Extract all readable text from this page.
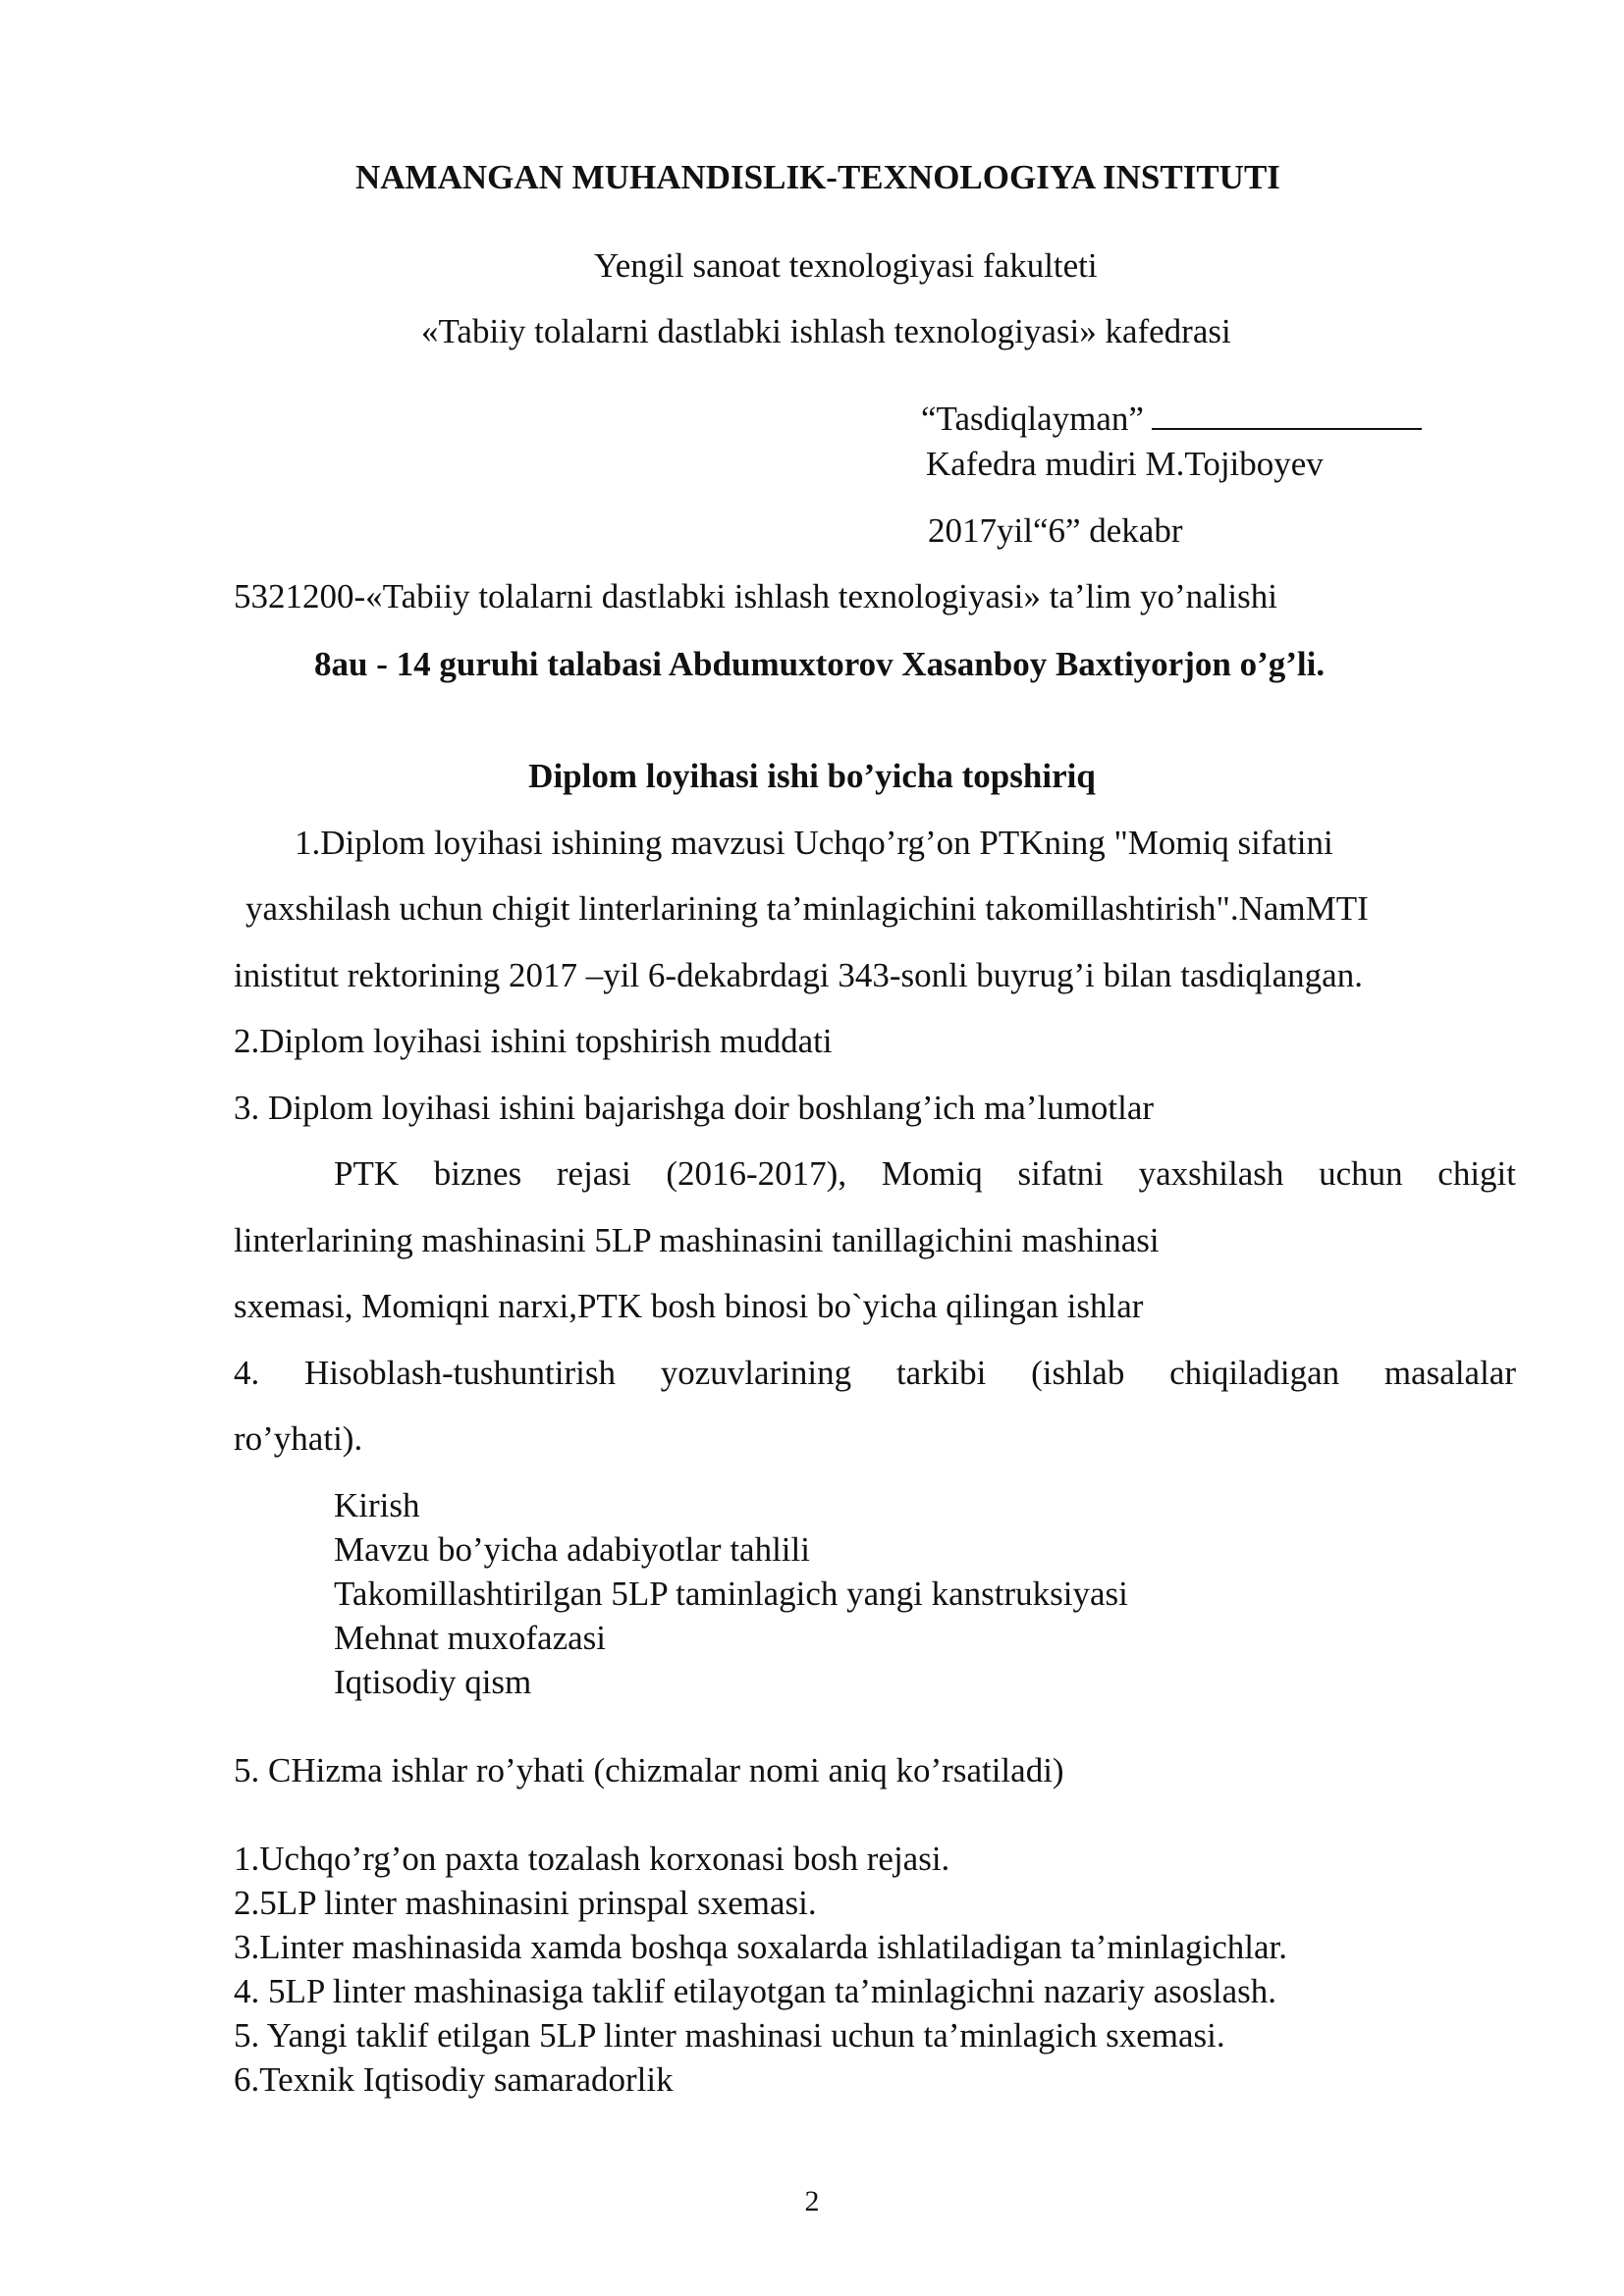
NAMANGAN MUHANDISLIK-TEXNOLOGIYA INSTITUTI
Yengil sanoat texnologiyasi fakulteti
«Tabiiy tolalarni dastlabki ishlash texnologiyasi» kafedrasi
“Tasdiqlayman”
Kafedra mudiri M.Tojiboyev
2017yil“6” dekabr
5321200-«Tabiiy tolalarni dastlabki ishlash texnologiyasi» ta’lim yo’nalishi
8au - 14 guruhi talabasi Abdumuxtorov Xasanboy Baxtiyorjon o’g’li.
Diplom loyihasi ishi bo’yicha topshiriq
1.Diplom loyihasi ishining mavzusi Uchqo’rg’on PTKning "Momiq sifatini
yaxshilash uchun chigit linterlarining ta’minlagichini takomillashtirish".NamMTI
inistitut rektorining 2017 –yil 6-dekabrdagi 343-sonli buyrug’i bilan tasdiqlangan.
2.Diplom loyihasi ishini topshirish muddati
3. Diplom loyihasi ishini bajarishga doir boshlang’ich ma’lumotlar
PTK biznes rejasi (2016-2017), Momiq sifatni yaxshilash uchun chigit
linterlarining mashinasini 5LP mashinasini tanillagichini mashinasi
sxemasi, Momiqni narxi,PTK bosh binosi bo`yicha qilingan ishlar
4. Hisoblash-tushuntirish yozuvlarining tarkibi (ishlab chiqiladigan masalalar
ro’yhati).
Kirish
Mavzu bo’yicha adabiyotlar tahlili
Takomillashtirilgan 5LP taminlagich yangi kanstruksiyasi
Mehnat muxofazasi
Iqtisodiy qism
5. CHizma ishlar ro’yhati (chizmalar nomi aniq ko’rsatiladi)
1.Uchqo’rg’on paxta tozalash korxonasi bosh rejasi.
2.5LP linter mashinasini prinspal sxemasi.
3.Linter mashinasida xamda boshqa soxalarda ishlatiladigan ta’minlagichlar.
4. 5LP linter mashinasiga taklif etilayotgan ta’minlagichni nazariy asoslash.
5. Yangi taklif etilgan 5LP linter mashinasi uchun ta’minlagich sxemasi.
6.Texnik Iqtisodiy samaradorlik
2
